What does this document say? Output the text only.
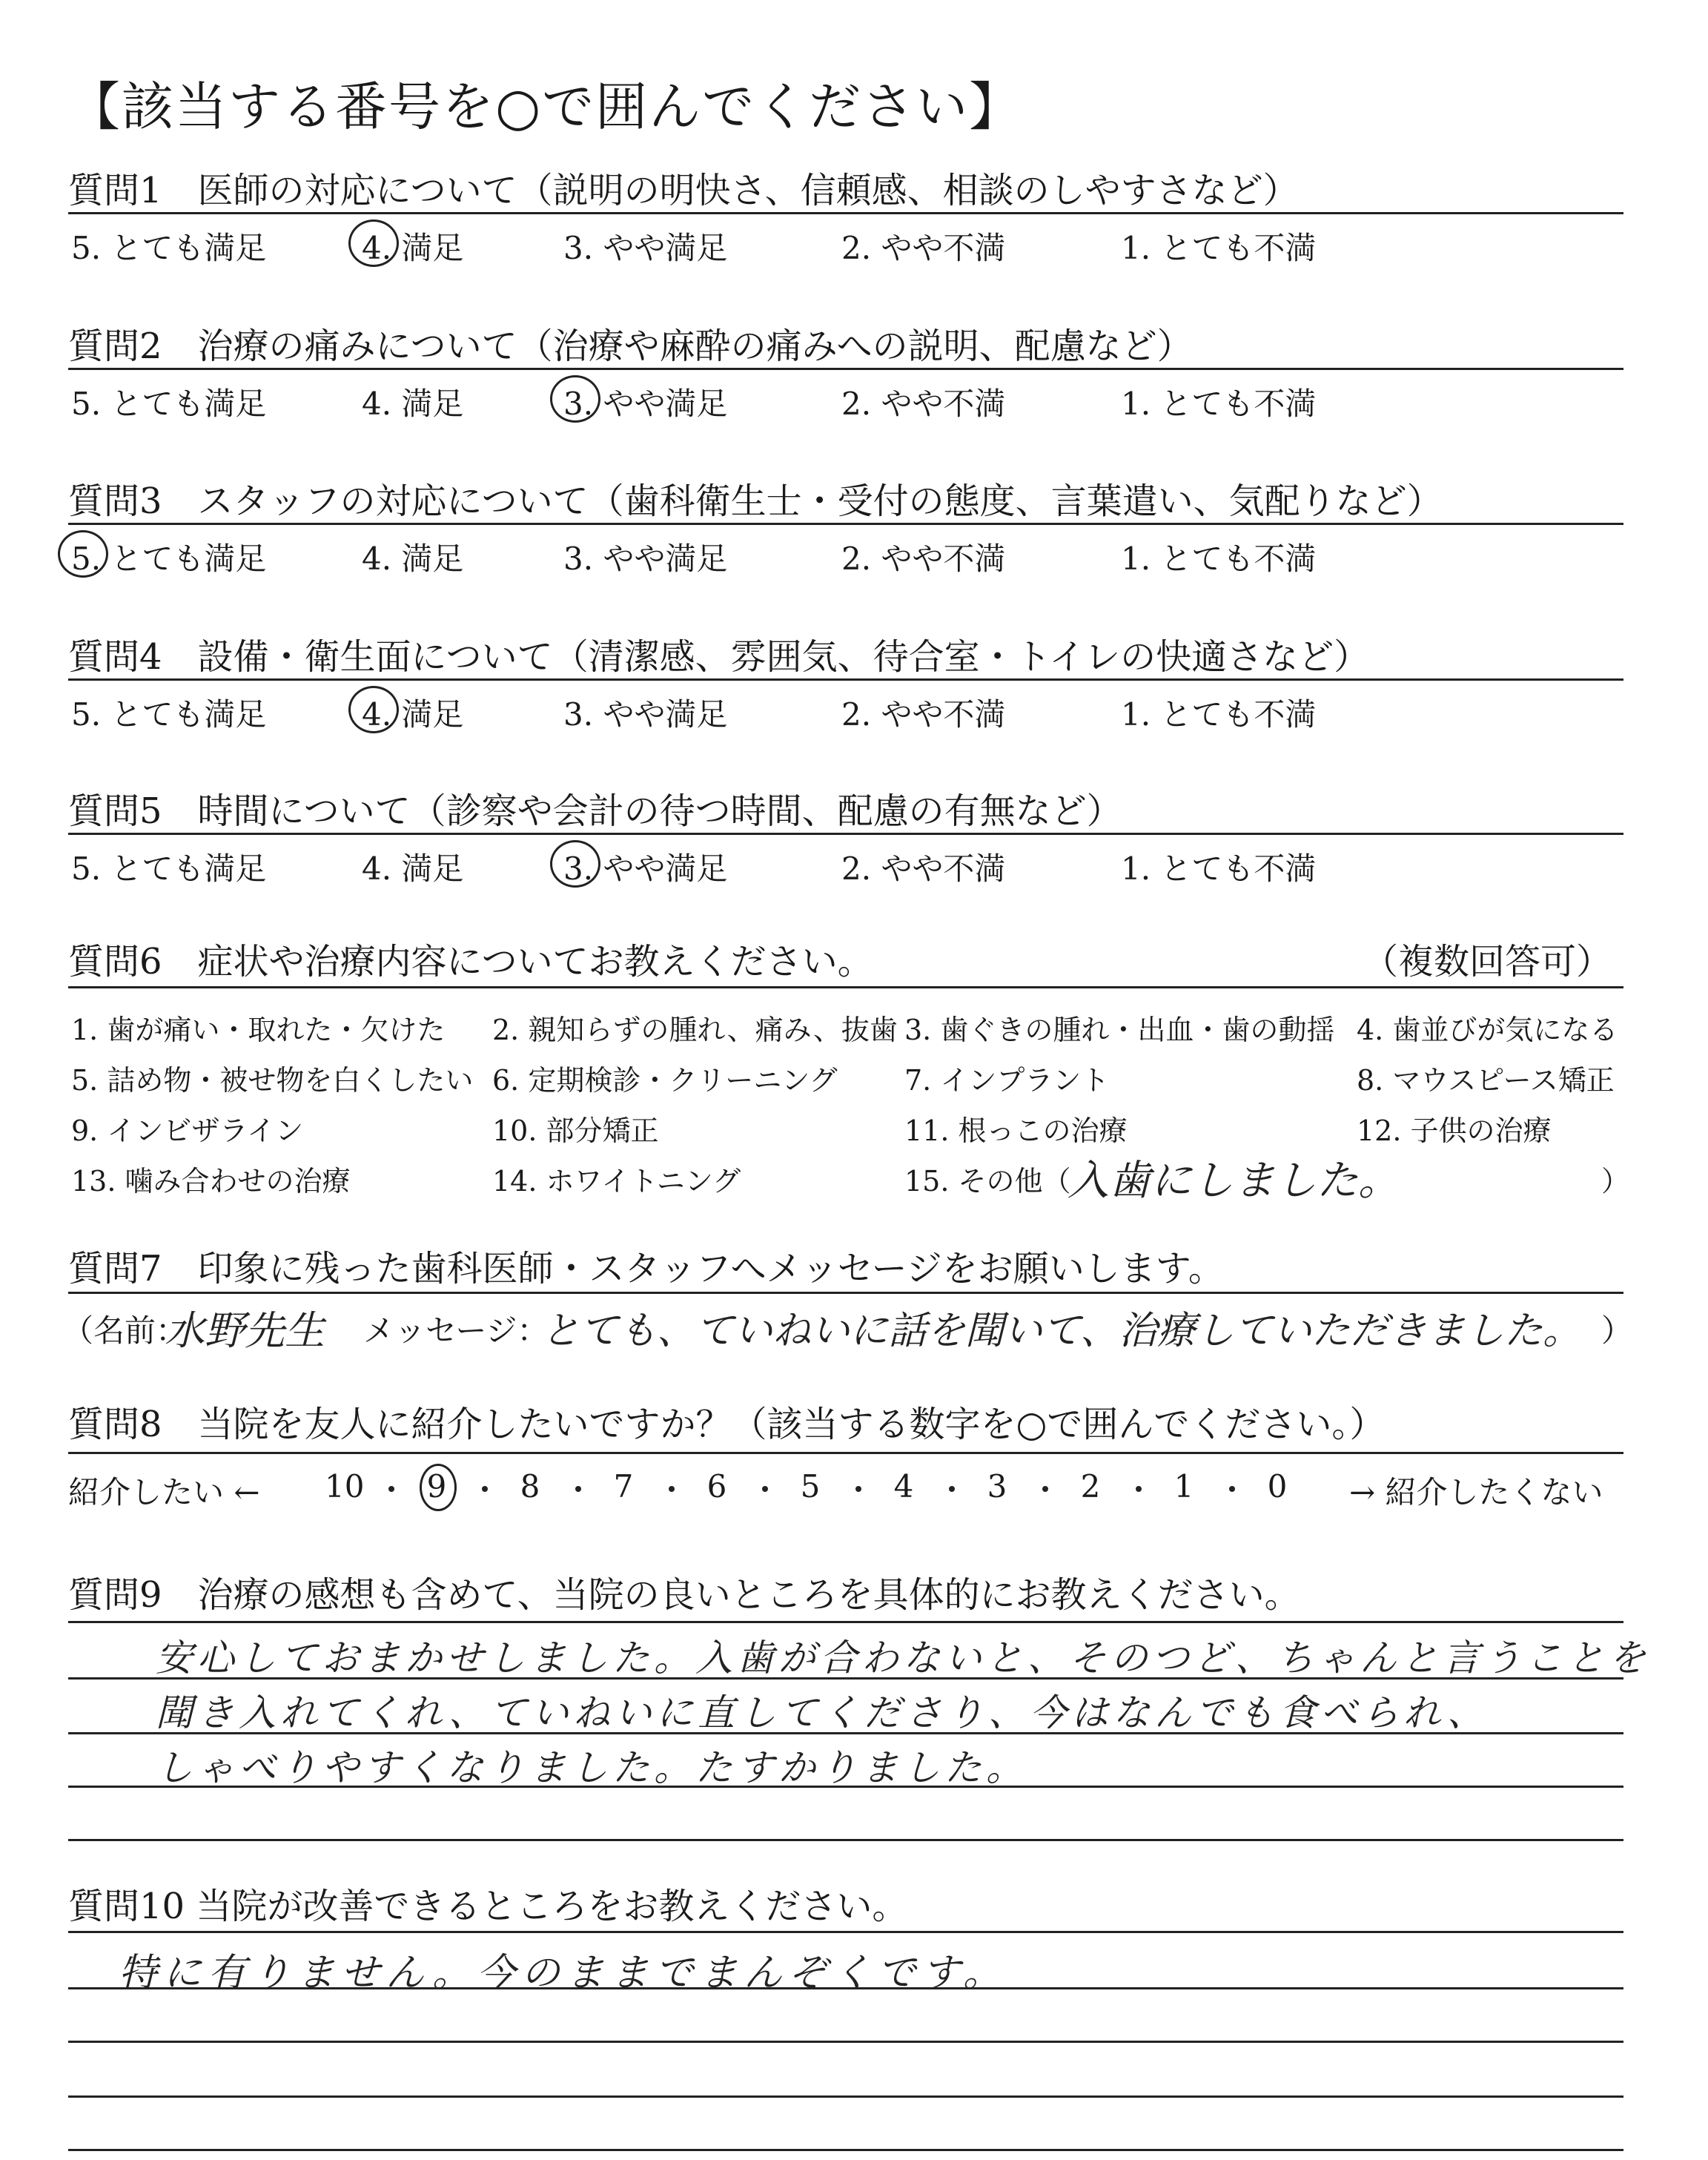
【該当する番号を○で囲んでください】
質問1　医師の対応について（説明の明快さ、信頼感、相談のしやすさなど）
5. とても満足	4. 満足	3. やや満足	2. やや不満	1. とても不満
質問2　治療の痛みについて（治療や麻酔の痛みへの説明、配慮など）
5. とても満足	4. 満足	3. やや満足	2. やや不満	1. とても不満
質問3　スタッフの対応について（歯科衛生士・受付の態度、言葉遣い、気配りなど）
5. とても満足	4. 満足	3. やや満足	2. やや不満	1. とても不満
質問4　設備・衛生面について（清潔感、雰囲気、待合室・トイレの快適さなど）
5. とても満足	4. 満足	3. やや満足	2. やや不満	1. とても不満
質問5　時間について（診察や会計の待つ時間、配慮の有無など）
5. とても満足	4. 満足	3. やや満足	2. やや不満	1. とても不満
質問6　症状や治療内容についてお教えください。	（複数回答可）
1. 歯が痛い・取れた・欠けた 2. 親知らずの腫れ、痛み、抜歯 3. 歯ぐきの腫れ・出血・歯の動揺 4. 歯並びが気になる
5. 詰め物・被せ物を白くしたい 6. 定期検診・クリーニング 7. インプラント	8. マウスピース矯正
9. インビザライン	10. 部分矯正	11. 根っこの治療	12. 子供の治療
13. 噛み合わせの治療	14. ホワイトニング	15. その他（
入歯にしました。	）
質問7　印象に残った歯科医師・スタッフへメッセージをお願いします。
（名前：
水野先生 メッセージ：
とても、ていねいに話を聞いて、治療していただきました。 ）
質問8　当院を友人に紹介したいですか？（該当する数字を○で囲んでください。）
紹介したい ← 10 9 8 7 6 5 4 3 2 1 0 → 紹介したくない
質問9　治療の感想も含めて、当院の良いところを具体的にお教えください。
安心しておまかせしました。入歯が合わないと、そのつど、ちゃんと言うことを
聞き入れてくれ、ていねいに直してくださり、今はなんでも食べられ、
しゃべりやすくなりました。たすかりました。
質問10 当院が改善できるところをお教えください。
特に有りません。今のままでまんぞくです。
